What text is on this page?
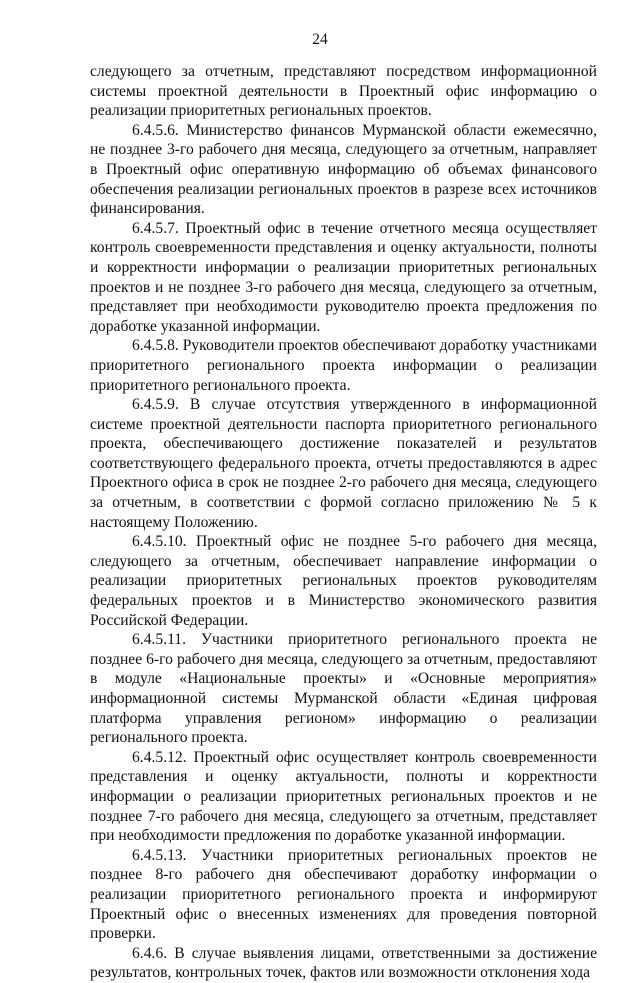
24

следующего за отчетным, представляют посредством информационной системы проектной деятельности в Проектный офис информацию о реализации приоритетных региональных проектов.

6.4.5.6. Министерство финансов Мурманской области ежемесячно, не позднее 3-го рабочего дня месяца, следующего за отчетным, направляет в Проектный офис оперативную информацию об объемах финансового обеспечения реализации региональных проектов в разрезе всех источников финансирования.

6.4.5.7. Проектный офис в течение отчетного месяца осуществляет контроль своевременности представления и оценку актуальности, полноты и корректности информации о реализации приоритетных региональных проектов и не позднее 3-го рабочего дня месяца, следующего за отчетным, представляет при необходимости руководителю проекта предложения по доработке указанной информации.

6.4.5.8. Руководители проектов обеспечивают доработку участниками приоритетного регионального проекта информации о реализации приоритетного регионального проекта.

6.4.5.9. В случае отсутствия утвержденного в информационной системе проектной деятельности паспорта приоритетного регионального проекта, обеспечивающего достижение показателей и результатов соответствующего федерального проекта, отчеты предоставляются в адрес Проектного офиса в срок не позднее 2-го рабочего дня месяца, следующего за отчетным, в соответствии с формой согласно приложению № 5 к настоящему Положению.

6.4.5.10. Проектный офис не позднее 5-го рабочего дня месяца, следующего за отчетным, обеспечивает направление информации о реализации приоритетных региональных проектов руководителям федеральных проектов и в Министерство экономического развития Российской Федерации.

6.4.5.11. Участники приоритетного регионального проекта не позднее 6-го рабочего дня месяца, следующего за отчетным, предоставляют в модуле «Национальные проекты» и «Основные мероприятия» информационной системы Мурманской области «Единая цифровая платформа управления регионом» информацию о реализации регионального проекта.

6.4.5.12. Проектный офис осуществляет контроль своевременности представления и оценку актуальности, полноты и корректности информации о реализации приоритетных региональных проектов и не позднее 7-го рабочего дня месяца, следующего за отчетным, представляет при необходимости предложения по доработке указанной информации.

6.4.5.13. Участники приоритетных региональных проектов не позднее 8-го рабочего дня обеспечивают доработку информации о реализации приоритетного регионального проекта и информируют Проектный офис о внесенных изменениях для проведения повторной проверки.

6.4.6. В случае выявления лицами, ответственными за достижение результатов, контрольных точек, фактов или возможности отклонения хода
